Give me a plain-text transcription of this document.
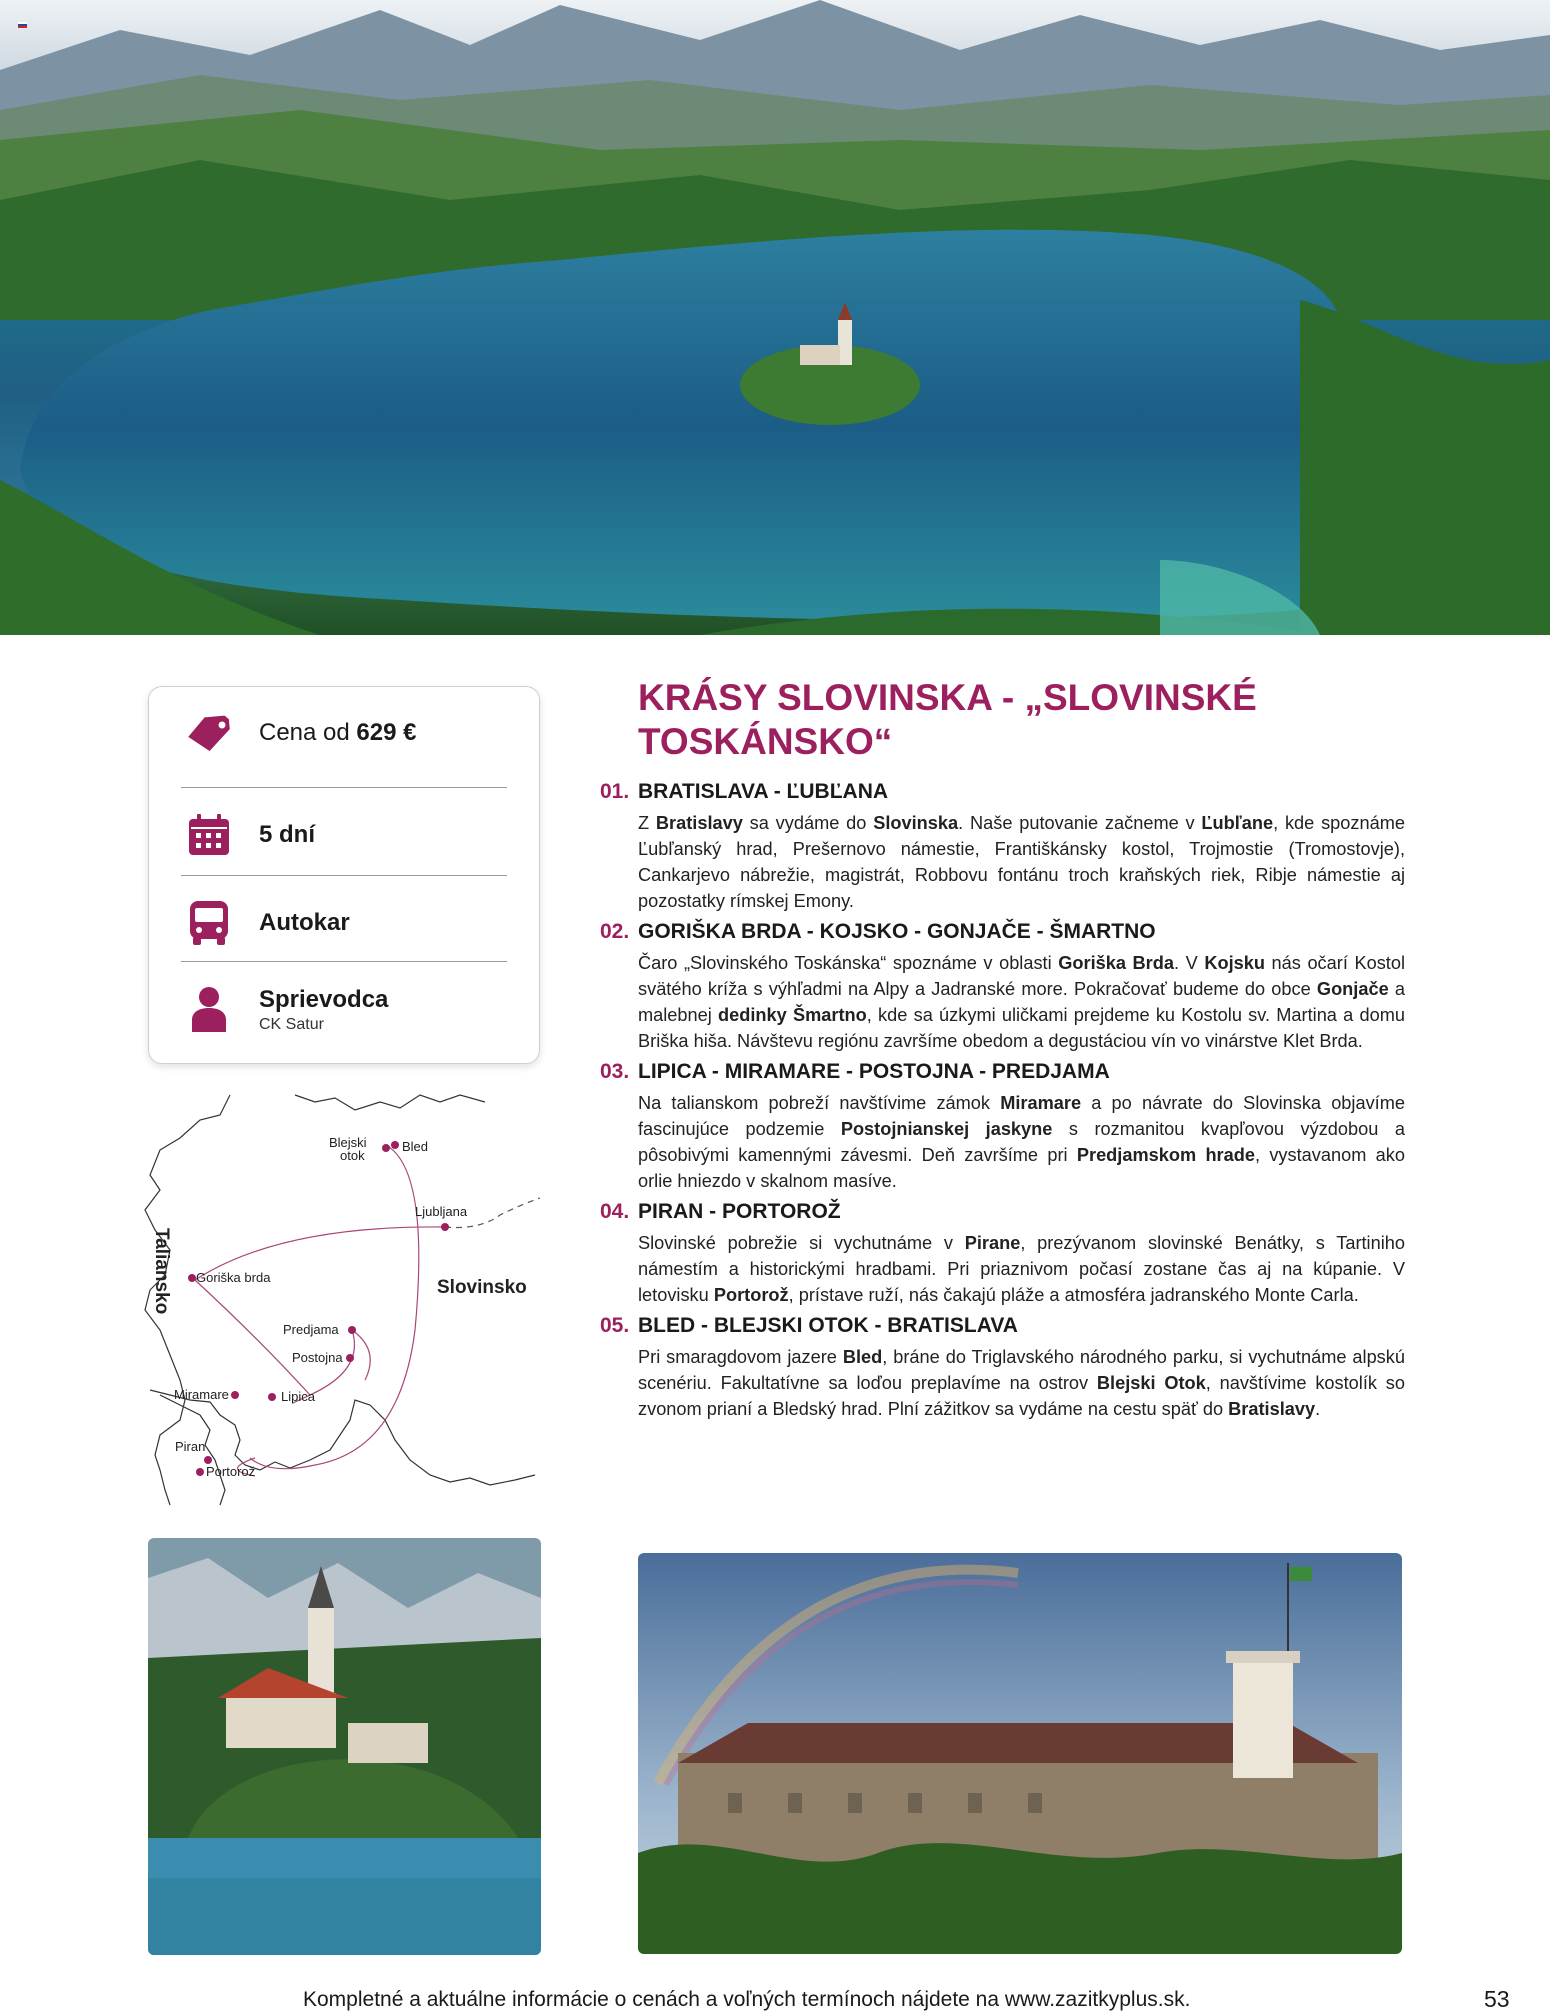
Cena od 629 €
5 dní
Autokar
Sprievodca
CK Satur
Blejski
otok
Bled
Ljubljana
Goriška brda
Predjama
Postojna
Miramare	Lipica
Piran
Portorož
Slovinsko
Taliansko
KRÁSY SLOVINSKA - „SLOVINSKÉ TOSKÁNSKO“
01. BRATISLAVA - ĽUBĽANA
Z Bratislavy sa vydáme do Slovinska. Naše putovanie začneme v Ľubľane, kde spoznáme Ľubľanský hrad, Prešernovo námestie, Františkánsky kostol, Trojmostie (Tromostovje), Cankarjevo nábrežie, magistrát, Robbovu fontánu troch kraňských riek, Ribje námestie aj pozostatky rímskej Emony.
02. GORIŠKA BRDA - KOJSKO - GONJAČE - ŠMARTNO
Čaro „Slovinského Toskánska“ spoznáme v oblasti Goriška Brda. V Kojsku nás očarí Kostol svätého kríža s výhľadmi na Alpy a Jadranské more. Pokračovať budeme do obce Gonjače a malebnej dedinky Šmartno, kde sa úzkymi uličkami prejdeme ku Kostolu sv. Martina a domu Briška hiša. Návštevu regiónu završíme obedom a degustáciou vín vo vinárstve Klet Brda.
03. LIPICA - MIRAMARE - POSTOJNA - PREDJAMA
Na talianskom pobreží navštívime zámok Miramare a po návrate do Slovinska objavíme fascinujúce podzemie Postojnianskej jaskyne s rozmanitou kvapľovou výzdobou a pôsobivými kamennými závesmi. Deň završíme pri Predjamskom hrade, vystavanom ako orlie hniezdo v skalnom masíve.
04. PIRAN - PORTOROŽ
Slovinské pobrežie si vychutnáme v Pirane, prezývanom slovinské Benátky, s Tartiniho námestím a historickými hradbami. Pri priaznivom počasí zostane čas aj na kúpanie. V letovisku Portorož, prístave ruží, nás čakajú pláže a atmosféra jadranského Monte Carla.
05. BLED - BLEJSKI OTOK - BRATISLAVA
Pri smaragdovom jazere Bled, bráne do Triglavského národného parku, si vychutnáme alpskú scenériu. Fakultatívne sa loďou preplavíme na ostrov Blejski Otok, navštívime kostolík so zvonom prianí a Bledský hrad. Plní zážitkov sa vydáme na cestu späť do Bratislavy.
Kompletné a aktuálne informácie o cenách a voľných termínoch nájdete na www.zazitkyplus.sk.	53
